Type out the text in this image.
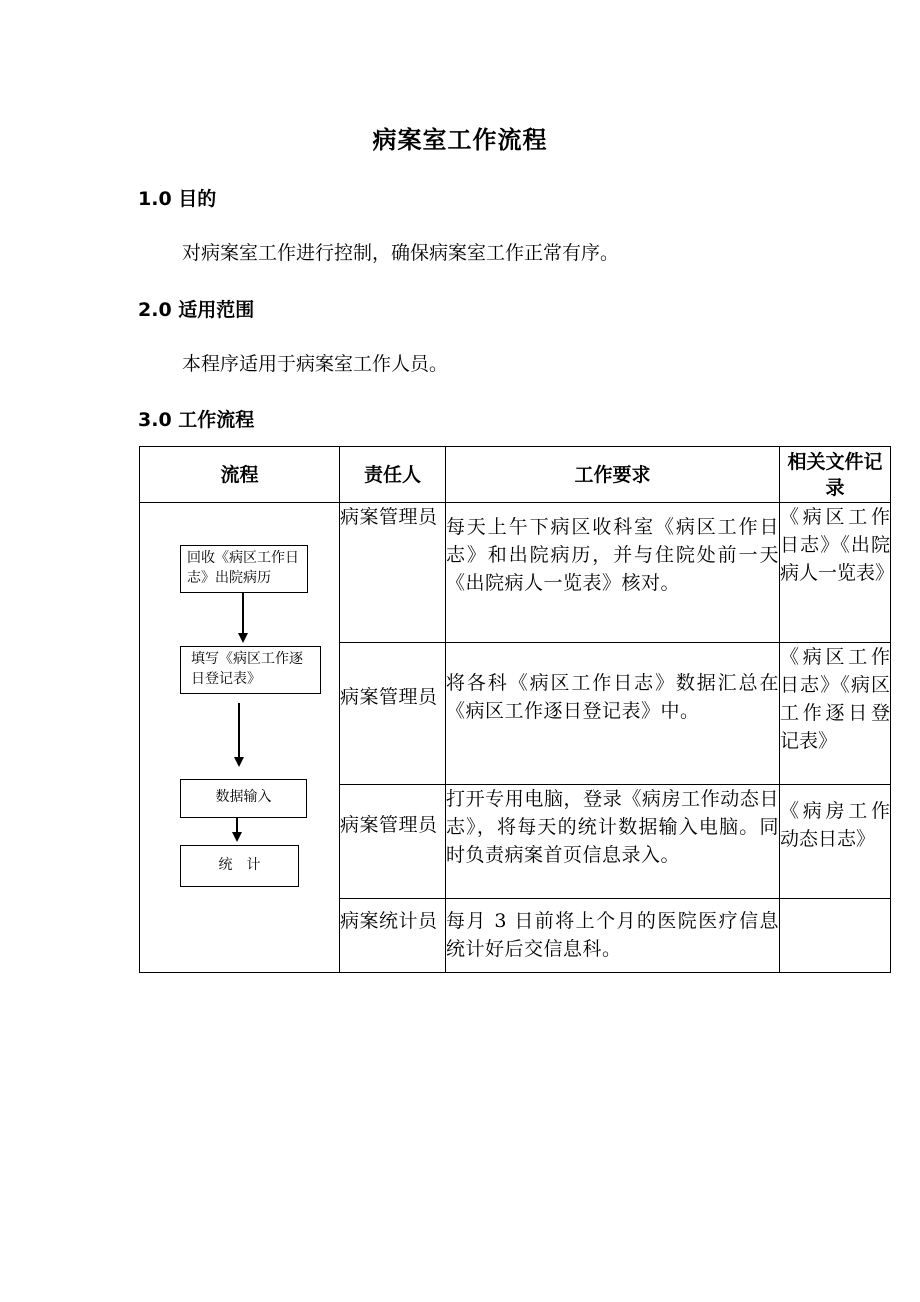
病案室工作流程
1.0 目的
对病案室工作进行控制，确保病案室工作正常有序。
2.0 适用范围
本程序适用于病案室工作人员。
3.0 工作流程
流程	责任人	工作要求	相关文件记录

回收《病区工作日志》出院病历
填写《病区工作逐日登记表》
数据输入
统　计	病案管理员	每天上午下病区收科室《病区工作日志》和出院病历，并与住院处前一天《出院病人一览表》核对。	《病区工作日志》《出院病人一览表》
	病案管理员	将各科《病区工作日志》数据汇总在《病区工作逐日登记表》中。	《病区工作日志》《病区工作逐日登记表》
	病案管理员	打开专用电脑，登录《病房工作动态日志》，将每天的统计数据输入电脑。同时负责病案首页信息录入。	《病房工作动态日志》
	病案统计员	每月 3 日前将上个月的医院医疗信息统计好后交信息科。	
